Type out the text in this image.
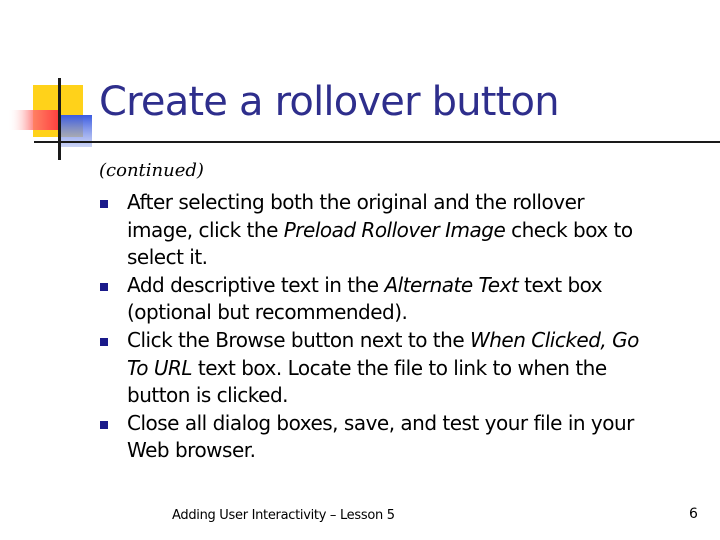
Create a rollover button
(continued)
After selecting both the original and the rollover
image, click the Preload Rollover Image check box to
select it.
Add descriptive text in the Alternate Text text box
(optional but recommended).
Click the Browse button next to the When Clicked, Go
To URL text box. Locate the file to link to when the
button is clicked.
Close all dialog boxes, save, and test your file in your
Web browser.
Adding User Interactivity – Lesson 5	6
